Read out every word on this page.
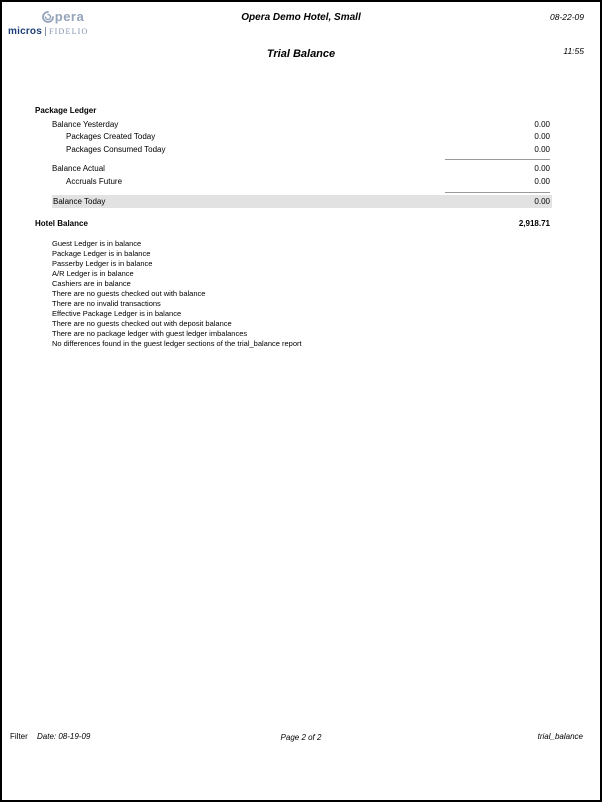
pera
micros FIDELIO
Opera Demo Hotel, Small	08-22-09
Trial Balance	11:55
Package Ledger
Balance Yesterday	0.00
Packages Created Today	0.00
Packages Consumed Today	0.00
Balance Actual	0.00
Accruals Future	0.00
Balance Today	0.00
Hotel Balance	2,918.71
Guest Ledger is in balance
Package Ledger is in balance
Passerby Ledger is in balance
A/R Ledger is in balance
Cashiers are in balance
There are no guests checked out with balance
There are no invalid transactions
Effective Package Ledger is in balance
There are no guests checked out with deposit balance
There are no package ledger with guest ledger imbalances
No differences found in the guest ledger sections of the trial_balance report
Filter Date: 08-19-09	Page 2 of 2	trial_balance
